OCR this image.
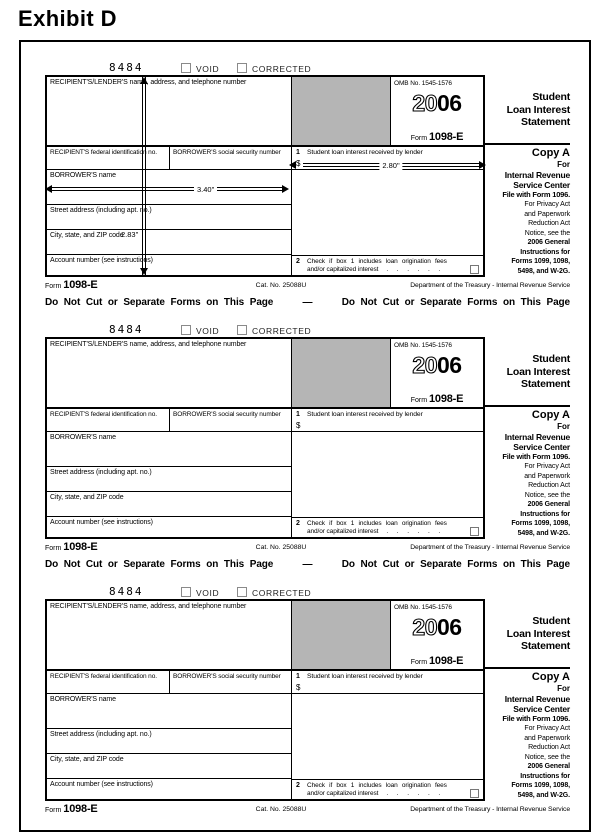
Exhibit D
8484	VOID	CORRECTED
RECIPIENT'S/LENDER'S name, address, and telephone number	OMB No. 1545-1576
2006
Form 1098-E
RECIPIENT'S federal identification no.	BORROWER'S social security number	1 Student loan interest received by lender
$
BORROWER'S name
Street address (including apt. no.)
City, state, and ZIP code
Account number (see instructions)	2 Check if box 1 includes loan origination fees
and/or capitalized interest . . . . . .
Student
Loan Interest
Statement
Copy A
For
Internal Revenue
Service Center
File with Form 1096.
For Privacy Act
and Paperwork
Reduction Act
Notice, see the
2006 General
Instructions for
Forms 1099, 1098,
5498, and W-2G.
2.83"
3.40"
2.80"
Form 1098-E	Cat. No. 25088U	Department of the Treasury - Internal Revenue Service
Do Not Cut or Separate Forms on This Page	—	Do Not Cut or Separate Forms on This Page
8484	VOID	CORRECTED
RECIPIENT'S/LENDER'S name, address, and telephone number	OMB No. 1545-1576
2006
Form 1098-E
RECIPIENT'S federal identification no.	BORROWER'S social security number	1 Student loan interest received by lender
$
BORROWER'S name
Street address (including apt. no.)
City, state, and ZIP code
Account number (see instructions)	2 Check if box 1 includes loan origination fees
and/or capitalized interest . . . . . .
Student
Loan Interest
Statement
Copy A
For
Internal Revenue
Service Center
File with Form 1096.
For Privacy Act
and Paperwork
Reduction Act
Notice, see the
2006 General
Instructions for
Forms 1099, 1098,
5498, and W-2G.
Form 1098-E	Cat. No. 25088U	Department of the Treasury - Internal Revenue Service
Do Not Cut or Separate Forms on This Page	—	Do Not Cut or Separate Forms on This Page
8484	VOID	CORRECTED
RECIPIENT'S/LENDER'S name, address, and telephone number	OMB No. 1545-1576
2006
Form 1098-E
RECIPIENT'S federal identification no.	BORROWER'S social security number	1 Student loan interest received by lender
$
BORROWER'S name
Street address (including apt. no.)
City, state, and ZIP code
Account number (see instructions)	2 Check if box 1 includes loan origination fees
and/or capitalized interest . . . . . .
Student
Loan Interest
Statement
Copy A
For
Internal Revenue
Service Center
File with Form 1096.
For Privacy Act
and Paperwork
Reduction Act
Notice, see the
2006 General
Instructions for
Forms 1099, 1098,
5498, and W-2G.
Form 1098-E	Cat. No. 25088U	Department of the Treasury - Internal Revenue Service
